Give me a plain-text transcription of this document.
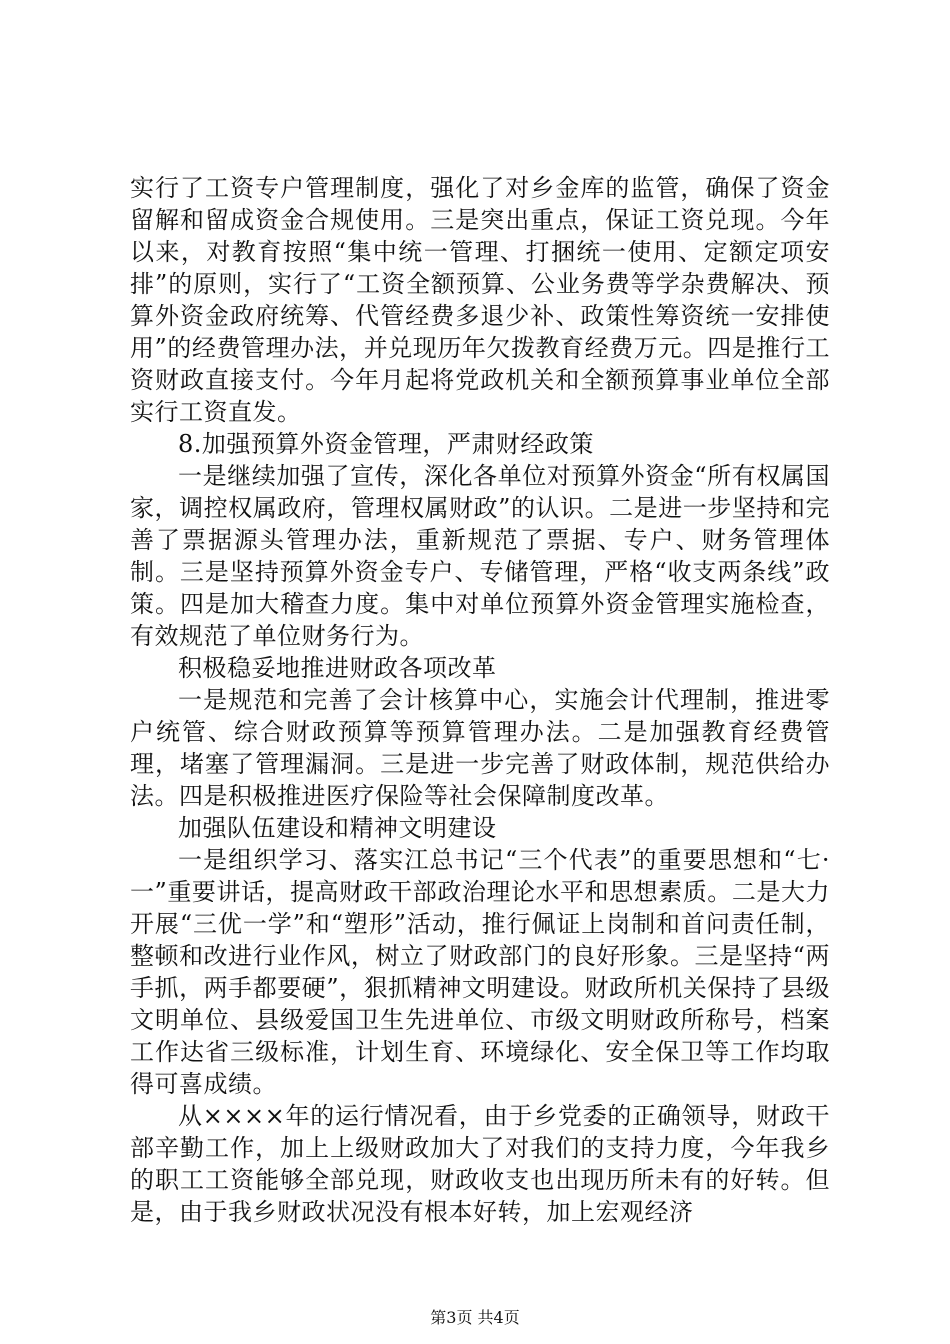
实行了工资专户管理制度，强化了对乡金库的监管，确保了资金留解和留成资金合规使用。三是突出重点，保证工资兑现。今年以来，对教育按照“集中统一管理、打捆统一使用、定额定项安排”的原则，实行了“工资全额预算、公业务费等学杂费解决、预算外资金政府统筹、代管经费多退少补、政策性筹资统一安排使用”的经费管理办法，并兑现历年欠拨教育经费万元。四是推行工资财政直接支付。今年月起将党政机关和全额预算事业单位全部实行工资直发。

8.加强预算外资金管理，严肃财经政策

一是继续加强了宣传，深化各单位对预算外资金“所有权属国家，调控权属政府，管理权属财政”的认识。二是进一步坚持和完善了票据源头管理办法，重新规范了票据、专户、财务管理体制。三是坚持预算外资金专户、专储管理，严格“收支两条线”政策。四是加大稽查力度。集中对单位预算外资金管理实施检查，有效规范了单位财务行为。

积极稳妥地推进财政各项改革

一是规范和完善了会计核算中心，实施会计代理制，推进零户统管、综合财政预算等预算管理办法。二是加强教育经费管理，堵塞了管理漏洞。三是进一步完善了财政体制，规范供给办法。四是积极推进医疗保险等社会保障制度改革。

加强队伍建设和精神文明建设

一是组织学习、落实江总书记“三个代表”的重要思想和“七·一”重要讲话，提高财政干部政治理论水平和思想素质。二是大力开展“三优一学”和“塑形”活动，推行佩证上岗制和首问责任制，整顿和改进行业作风，树立了财政部门的良好形象。三是坚持“两手抓，两手都要硬”，狠抓精神文明建设。财政所机关保持了县级文明单位、县级爱国卫生先进单位、市级文明财政所称号，档案工作达省三级标准，计划生育、环境绿化、安全保卫等工作均取得可喜成绩。

从××××年的运行情况看，由于乡党委的正确领导，财政干部辛勤工作，加上上级财政加大了对我们的支持力度，今年我乡的职工工资能够全部兑现，财政收支也出现历所未有的好转。但是，由于我乡财政状况没有根本好转，加上宏观经济

第3页 共4页
